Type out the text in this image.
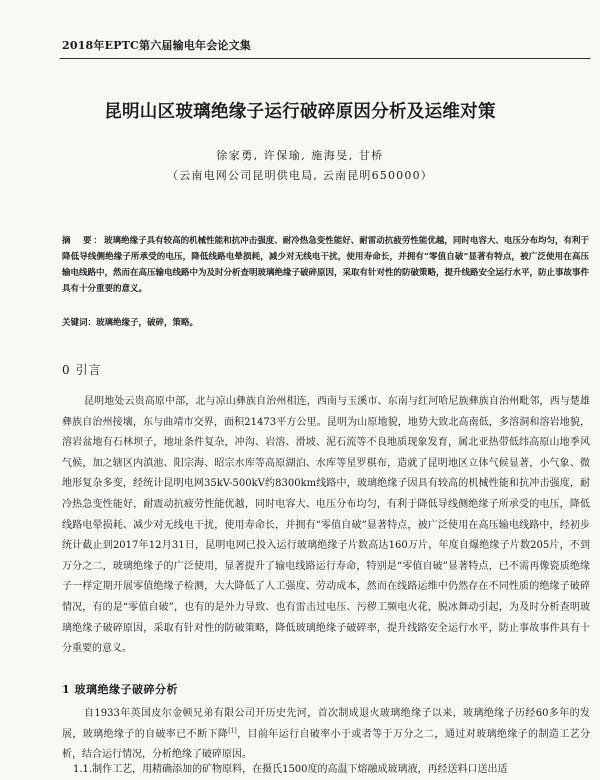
2018年EPTC第六届输电年会论文集
昆明山区玻璃绝缘子运行破碎原因分析及运维对策
徐家勇, 许保瑜, 施海旻, 甘桥
（云南电网公司昆明供电局, 云南昆明650000）
摘　要：玻璃绝缘子具有较高的机械性能和抗冲击强度、耐冷热急变性能好、耐雷动抗疲劳性能优越，同时电容大、电压分布均匀，有利于降低导线侧绝缘子所承受的电压，降低线路电晕损耗，减少对无线电干扰，使用寿命长，并拥有“零值自破”显著有特点，被广泛使用在高压输电线路中，然而在高压输电线路中为及时分析查明玻璃绝缘子破碎原因，采取有针对性的防破策略，提升线路安全运行水平，防止事故事件具有十分重要的意义。
关键词：玻璃绝缘子，破碎，策略。
0 引言

昆明地处云贵高原中部，北与凉山彝族自治州相连，西南与玉溪市、东南与红河哈尼族彝族自治州毗邻，西与楚雄彝族自治州接壤，东与曲靖市交界，面积21473平方公里。昆明为山原地貌，地势大致北高南低，多溶洞和溶岩地貌，溶岩盆地有石林坝子，地址条件复杂，冲沟、岩溶、滑坡、泥石流等不良地质现象发育，属北亚热带低纬高原山地季风气候，加之辖区内滇池、阳宗海、昭宗水库等高原湖泊、水库等星罗棋布，造就了昆明地区立体气候显著，小气象、微地形复杂多变，经统计昆明电网35kV-500kV约8300km线路中，玻璃绝缘子因具有较高的机械性能和抗冲击强度，耐冷热急变性能好，耐震动抗疲劳性能优越，同时电容大、电压分布均匀，有利于降低导线侧绝缘子所承受的电压，降低线路电晕损耗、减少对无线电干扰，使用寿命长，并拥有“零值自破”显著特点，被广泛使用在高压输电线路中，经初步统计截止到2017年12月31日，昆明电网已投入运行玻璃绝缘子片数高达160万片，年度自爆绝缘子片数205片，不到万分之二，玻璃绝缘子的广泛使用，显著提升了输电线路运行寿命，特别是“零值自破”显著特点，已不需再像瓷质绝缘子一样定期开展零值绝缘子检测，大大降低了人工强度、劳动成本，然而在线路运维中仍然存在不同性质的绝缘子破碎情况，有的是“零值自破”，也有的是外力导致、也有雷击过电压、污秽工频电火花，脱冰舞动引起，为及时分析查明玻璃绝缘子破碎原因，采取有针对性的防破策略，降低玻璃绝缘子破碎率，提升线路安全运行水平，防止事故事件具有十分重要的意义。

1 玻璃绝缘子破碎分析

自1933年英国皮尔金顿兄弟有限公司开历史先河，首次制成退火玻璃绝缘子以来，玻璃绝缘子历经60多年的发展，玻璃绝缘子的自破率已不断下降[1]，目前年运行自破率小于或者等于万分之二，通过对玻璃绝缘子的制造工艺分析，结合运行情况，分析绝缘了破碎原因。

1.1.制作工艺，用精确添加的矿物原料，在摄氏1500度的高温下熔融成玻璃液，再经送料口送出适
